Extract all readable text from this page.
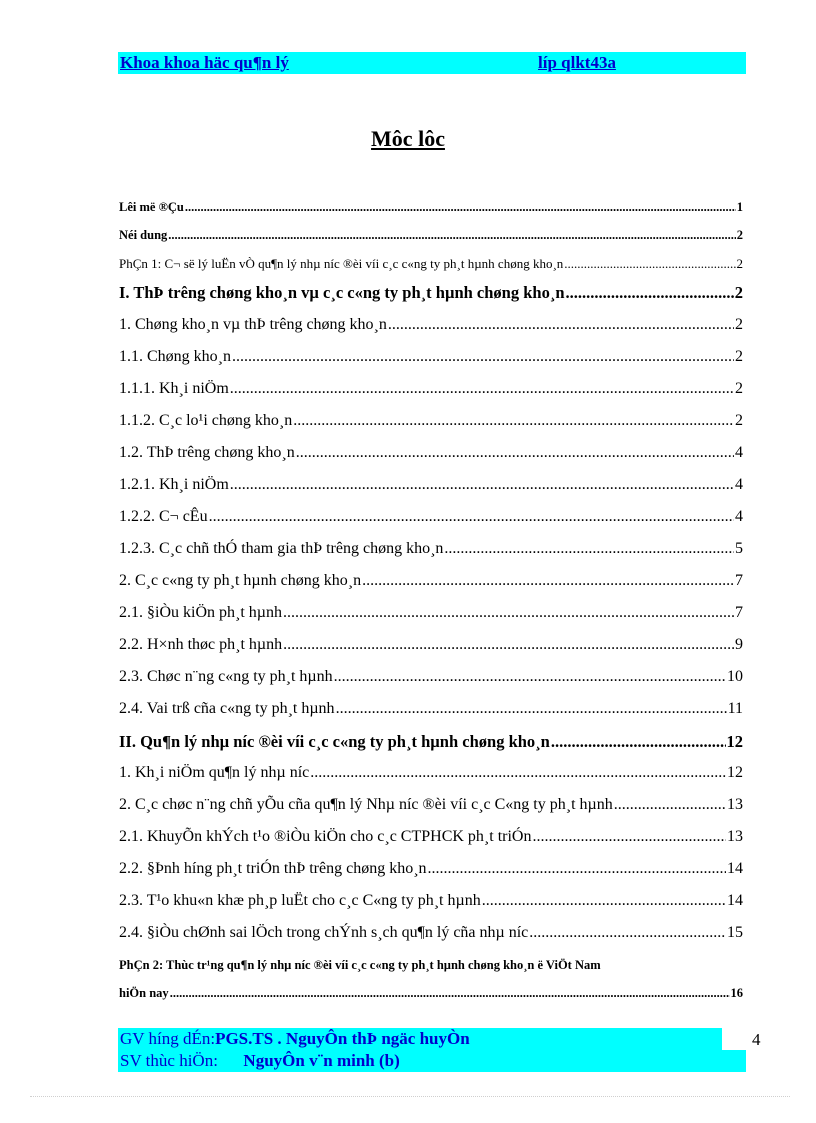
Khoa khoa häc qu¶n lý	líp qlkt43a
Môc lôc
Lêi më ®Çu .....	1
Néi dung .....	2
PhÇn 1: C¬ së lý luËn vÒ qu¶n lý nhµ níc ®èi víi c¸c c«ng ty ph¸t hµnh chøng kho¸n .....	2
I. ThÞ trêng chøng kho¸n vµ c¸c c«ng ty ph¸t hµnh chøng kho¸n .....	2
1. Chøng kho¸n vµ thÞ trêng chøng kho¸n .....	2
1.1. Chøng kho¸n .....	2
1.1.1. Kh¸i niÖm .....	2
1.1.2. C¸c lo¹i chøng kho¸n .....	2
1.2. ThÞ trêng chøng kho¸n .....	4
1.2.1. Kh¸i niÖm .....	4
1.2.2. C¬ cÊu .....	4
1.2.3. C¸c chñ thÓ tham gia thÞ trêng chøng kho¸n .....	5
2. C¸c c«ng ty ph¸t hµnh chøng kho¸n .....	7
2.1. §iÒu kiÖn ph¸t hµnh .....	7
2.2. H×nh thøc ph¸t hµnh .....	9
2.3. Chøc n¨ng c«ng ty ph¸t hµnh .....	10
2.4. Vai trß cña c«ng ty ph¸t hµnh .....	11
II. Qu¶n lý nhµ níc ®èi víi c¸c c«ng ty ph¸t hµnh chøng kho¸n .....	12
1. Kh¸i niÖm qu¶n lý nhµ níc .....	12
2. C¸c chøc n¨ng chñ yÕu cña qu¶n lý Nhµ níc ®èi víi c¸c C«ng ty ph¸t hµnh .....	13
2.1. KhuyÕn khÝch t¹o ®iÒu kiÖn cho c¸c CTPHCK ph¸t triÓn .....	13
2.2. §Þnh híng ph¸t triÓn thÞ trêng chøng kho¸n .....	14
2.3. T¹o khu«n khæ ph¸p luËt cho c¸c C«ng ty ph¸t hµnh .....	14
2.4. §iÒu chØnh sai lÖch trong chÝnh s¸ch qu¶n lý cña nhµ níc .....	15
PhÇn 2: Thùc tr¹ng qu¶n lý nhµ níc ®èi víi c¸c c«ng ty ph¸t hµnh chøng kho¸n ë ViÖt Nam
hiÖn nay .....	16
GV híng dÉn:PGS.TS . NguyÔn thÞ ngäc huyÒn	4
SV thùc hiÖn: NguyÔn v¨n minh (b)
